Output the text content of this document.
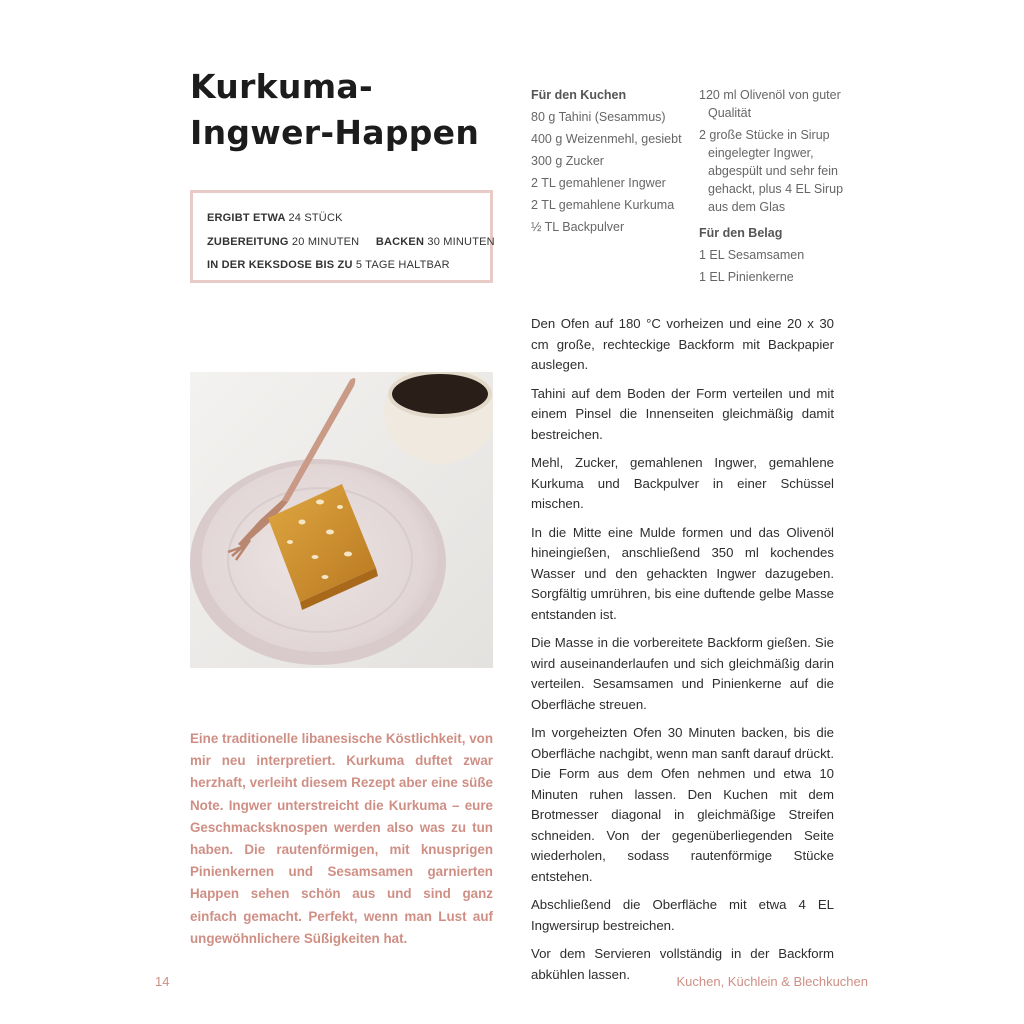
Kurkuma-Ingwer-Happen
ERGIBT ETWA 24 STÜCK
ZUBEREITUNG 20 MINUTEN BACKEN 30 MINUTEN
IN DER KEKSDOSE BIS ZU 5 TAGE HALTBAR

Eine traditionelle libanesische Köstlichkeit, von mir neu interpretiert. Kurkuma duftet zwar herzhaft, verleiht diesem Rezept aber eine süße Note. Ingwer unterstreicht die Kurkuma – eure Geschmacksknospen werden also was zu tun haben. Die rautenförmigen, mit knusprigen Pinienkernen und Sesamsamen garnierten Happen sehen schön aus und sind ganz einfach gemacht. Perfekt, wenn man Lust auf ungewöhnlichere Süßigkeiten hat.

Für den Kuchen
80 g Tahini (Sesammus)
400 g Weizenmehl, gesiebt
300 g Zucker
2 TL gemahlener Ingwer
2 TL gemahlene Kurkuma
½ TL Backpulver
120 ml Olivenöl von guter Qualität
2 große Stücke in Sirup eingelegter Ingwer, abgespült und sehr fein gehackt, plus 4 EL Sirup aus dem Glas
Für den Belag
1 EL Sesamsamen
1 EL Pinienkerne

Den Ofen auf 180 °C vorheizen und eine 20 x 30 cm große, rechteckige Backform mit Backpapier auslegen.

Tahini auf dem Boden der Form verteilen und mit einem Pinsel die Innenseiten gleichmäßig damit bestreichen.

Mehl, Zucker, gemahlenen Ingwer, gemahlene Kurkuma und Backpulver in einer Schüssel mischen.

In die Mitte eine Mulde formen und das Olivenöl hineingießen, anschließend 350 ml kochendes Wasser und den gehackten Ingwer dazugeben. Sorgfältig umrühren, bis eine duftende gelbe Masse entstanden ist.

Die Masse in die vorbereitete Backform gießen. Sie wird auseinanderlaufen und sich gleichmäßig darin verteilen. Sesamsamen und Pinienkerne auf die Oberfläche streuen.

Im vorgeheizten Ofen 30 Minuten backen, bis die Oberfläche nachgibt, wenn man sanft darauf drückt. Die Form aus dem Ofen nehmen und etwa 10 Minuten ruhen lassen. Den Kuchen mit dem Brotmesser diagonal in gleichmäßige Streifen schneiden. Von der gegenüberliegenden Seite wiederholen, sodass rautenförmige Stücke entstehen.

Abschließend die Oberfläche mit etwa 4 EL Ingwersirup bestreichen.

Vor dem Servieren vollständig in der Backform abkühlen lassen.

14	Kuchen, Küchlein & Blechkuchen
